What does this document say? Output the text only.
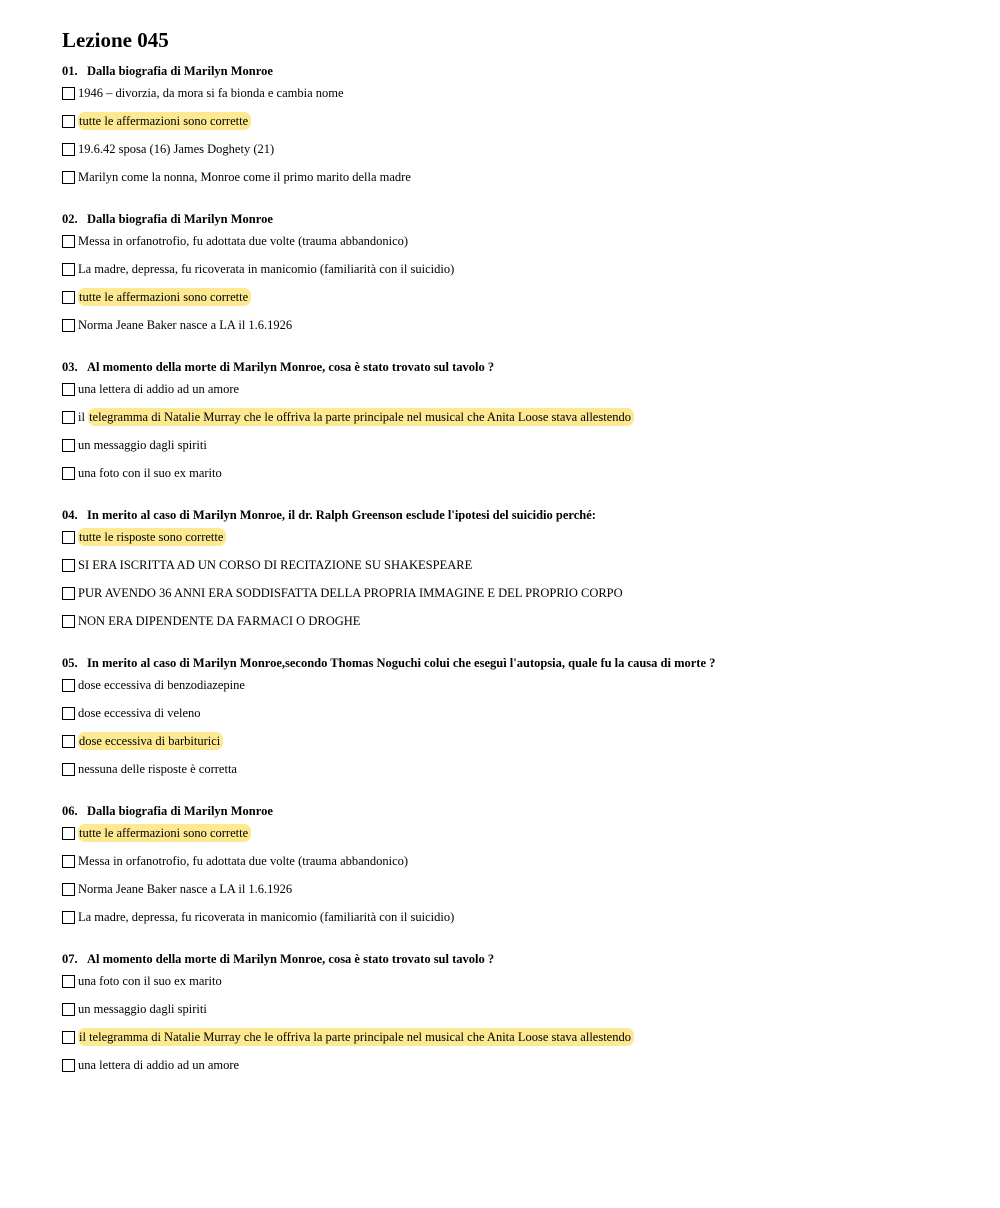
Lezione 045
01. Dalla biografia di Marilyn Monroe
1946 – divorzia, da mora si fa bionda e cambia nome
tutte le affermazioni sono corrette
19.6.42 sposa (16) James Doghety (21)
Marilyn come la nonna, Monroe come il primo marito della madre
02. Dalla biografia di Marilyn Monroe
Messa in orfanotrofio, fu adottata due volte (trauma abbandonico)
La madre, depressa, fu ricoverata in manicomio (familiarità con il suicidio)
tutte le affermazioni sono corrette
Norma Jeane Baker nasce a LA il 1.6.1926
03. Al momento della morte di Marilyn Monroe, cosa è stato trovato sul tavolo ?
una lettera di addio ad un amore
il telegramma di Natalie Murray che le offriva la parte principale nel musical che Anita Loose stava allestendo
un messaggio dagli spiriti
una foto con il suo ex marito
04. In merito al caso di Marilyn Monroe, il dr. Ralph Greenson esclude l'ipotesi del suicidio perché:
tutte le risposte sono corrette
SI ERA ISCRITTA AD UN CORSO DI RECITAZIONE SU SHAKESPEARE
PUR AVENDO 36 ANNI ERA SODDISFATTA DELLA PROPRIA IMMAGINE E DEL PROPRIO CORPO
NON ERA DIPENDENTE DA FARMACI O DROGHE
05. In merito al caso di Marilyn Monroe,secondo Thomas Noguchi colui che eseguì l'autopsia, quale fu la causa di morte ?
dose eccessiva di benzodiazepine
dose eccessiva di veleno
dose eccessiva di barbiturici
nessuna delle risposte è corretta
06. Dalla biografia di Marilyn Monroe
tutte le affermazioni sono corrette
Messa in orfanotrofio, fu adottata due volte (trauma abbandonico)
Norma Jeane Baker nasce a LA il 1.6.1926
La madre, depressa, fu ricoverata in manicomio (familiarità con il suicidio)
07. Al momento della morte di Marilyn Monroe, cosa è stato trovato sul tavolo ?
una foto con il suo ex marito
un messaggio dagli spiriti
il telegramma di Natalie Murray che le offriva la parte principale nel musical che Anita Loose stava allestendo
una lettera di addio ad un amore
